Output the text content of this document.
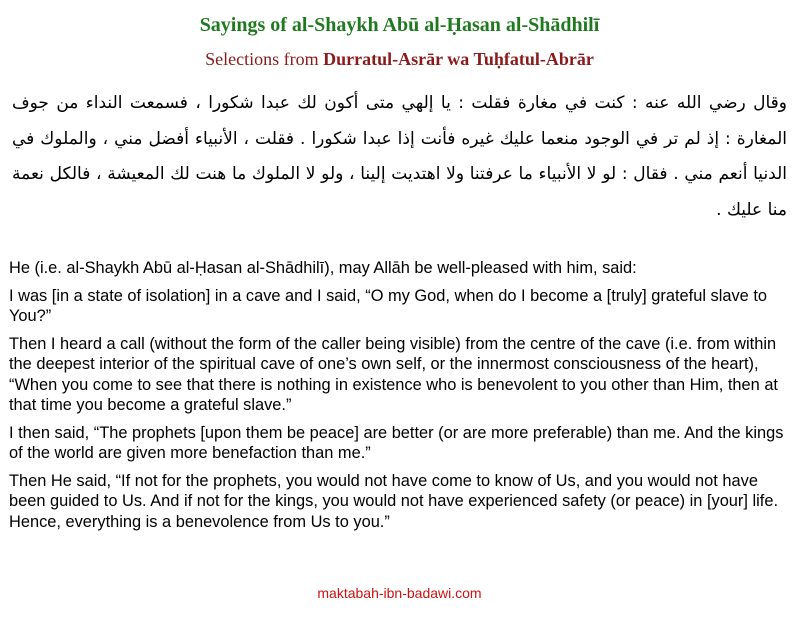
Sayings of al-Shaykh Abū al-Ḥasan al-Shādhilī
Selections from Durratul-Asrār wa Tuḥfatul-Abrār
وقال رضي الله عنه : كنت في مغارة فقلت : يا إلهي متى أكون لك عبدا شكورا ، فسمعت النداء من جوف المغارة : إذ لم تر في الوجود منعما عليك غيره فأنت إذا عبدا شكورا . فقلت ، الأنبياء أفضل مني ، والملوك في الدنيا أنعم مني . فقال : لو لا الأنبياء ما عرفتنا ولا اهتديت إلينا ، ولو لا الملوك ما هنت لك المعيشة ، فالكل نعمة منا عليك .

He (i.e. al-Shaykh Abū al-Ḥasan al-Shādhilī), may Allāh be well-pleased with him, said:

I was [in a state of isolation] in a cave and I said, “O my God, when do I become a [truly] grateful slave to You?”

Then I heard a call (without the form of the caller being visible) from the centre of the cave (i.e. from within the deepest interior of the spiritual cave of one’s own self, or the innermost consciousness of the heart), “When you come to see that there is nothing in existence who is benevolent to you other than Him, then at that time you become a grateful slave.”

I then said, “The prophets [upon them be peace] are better (or are more preferable) than me. And the kings of the world are given more benefaction than me.”

Then He said, “If not for the prophets, you would not have come to know of Us, and you would not have been guided to Us. And if not for the kings, you would not have experienced safety (or peace) in [your] life. Hence, everything is a benevolence from Us to you.”

maktabah-ibn-badawi.com
